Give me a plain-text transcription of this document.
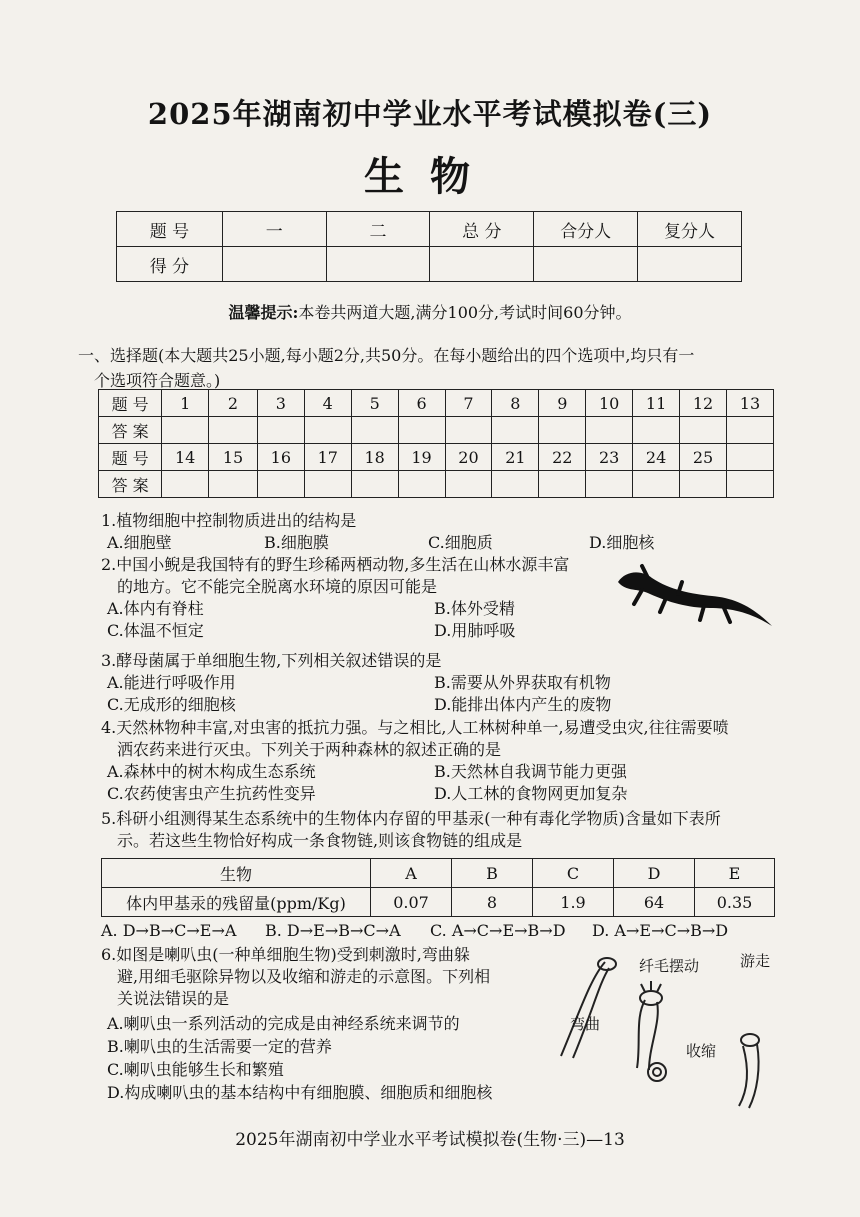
2025年湖南初中学业水平考试模拟卷(三)
生物
题 号	一	二	总 分	合分人	复分人
得 分					
温馨提示:本卷共两道大题,满分100分,考试时间60分钟。
一、选择题(本大题共25小题,每小题2分,共50分。在每小题给出的四个选项中,均只有一
个选项符合题意。)
题 号	1	2	3	4	5	6	7	8	9	10	11	12	13
答 案													
题 号	14	15	16	17	18	19	20	21	22	23	24	25	
答 案													
1.植物细胞中控制物质进出的结构是
A.细胞壁	B.细胞膜	C.细胞质	D.细胞核
2.中国小鲵是我国特有的野生珍稀两栖动物,多生活在山林水源丰富
的地方。它不能完全脱离水环境的原因可能是
A.体内有脊柱	B.体外受精
C.体温不恒定	D.用肺呼吸
3.酵母菌属于单细胞生物,下列相关叙述错误的是
A.能进行呼吸作用	B.需要从外界获取有机物
C.无成形的细胞核	D.能排出体内产生的废物
4.天然林物种丰富,对虫害的抵抗力强。与之相比,人工林树种单一,易遭受虫灾,往往需要喷
洒农药来进行灭虫。下列关于两种森林的叙述正确的是
A.森林中的树木构成生态系统	B.天然林自我调节能力更强
C.农药使害虫产生抗药性变异	D.人工林的食物网更加复杂
5.科研小组测得某生态系统中的生物体内存留的甲基汞(一种有毒化学物质)含量如下表所
示。若这些生物恰好构成一条食物链,则该食物链的组成是
生物	A	B	C	D	E
体内甲基汞的残留量(ppm/Kg)	0.07	8	1.9	64	0.35
A. D→B→C→E→A	B. D→E→B→C→A	C. A→C→E→B→D	D. A→E→C→B→D
6.如图是喇叭虫(一种单细胞生物)受到刺激时,弯曲躲
避,用细毛驱除异物以及收缩和游走的示意图。下列相
关说法错误的是
A.喇叭虫一系列活动的完成是由神经系统来调节的
B.喇叭虫的生活需要一定的营养
C.喇叭虫能够生长和繁殖
D.构成喇叭虫的基本结构中有细胞膜、细胞质和细胞核
纤毛摆动	游走
弯曲
收缩
2025年湖南初中学业水平考试模拟卷(生物·三)—13
